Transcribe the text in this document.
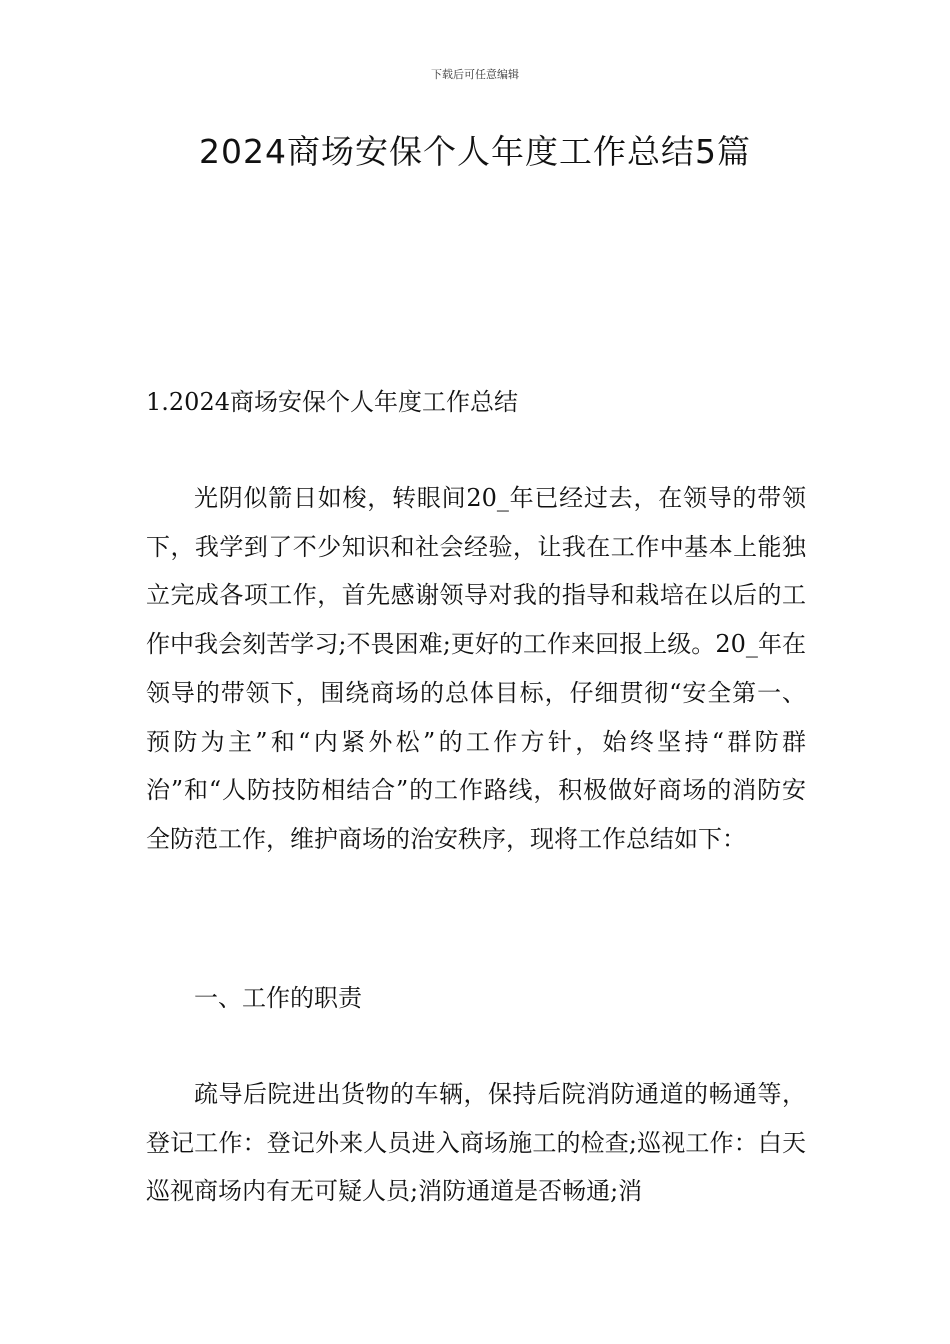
下载后可任意编辑
2024商场安保个人年度工作总结5篇
1.2024商场安保个人年度工作总结

光阴似箭日如梭，转眼间20_年已经过去，在领导的带领下，我学到了不少知识和社会经验，让我在工作中基本上能独立完成各项工作，首先感谢领导对我的指导和栽培在以后的工作中我会刻苦学习;不畏困难;更好的工作来回报上级。20_年在领导的带领下，围绕商场的总体目标，仔细贯彻“安全第一、预防为主”和“内紧外松”的工作方针，始终坚持“群防群治”和“人防技防相结合”的工作路线，积极做好商场的消防安全防范工作，维护商场的治安秩序，现将工作总结如下：

一、工作的职责

疏导后院进出货物的车辆，保持后院消防通道的畅通等，登记工作：登记外来人员进入商场施工的检查;巡视工作：白天巡视商场内有无可疑人员;消防通道是否畅通;消
